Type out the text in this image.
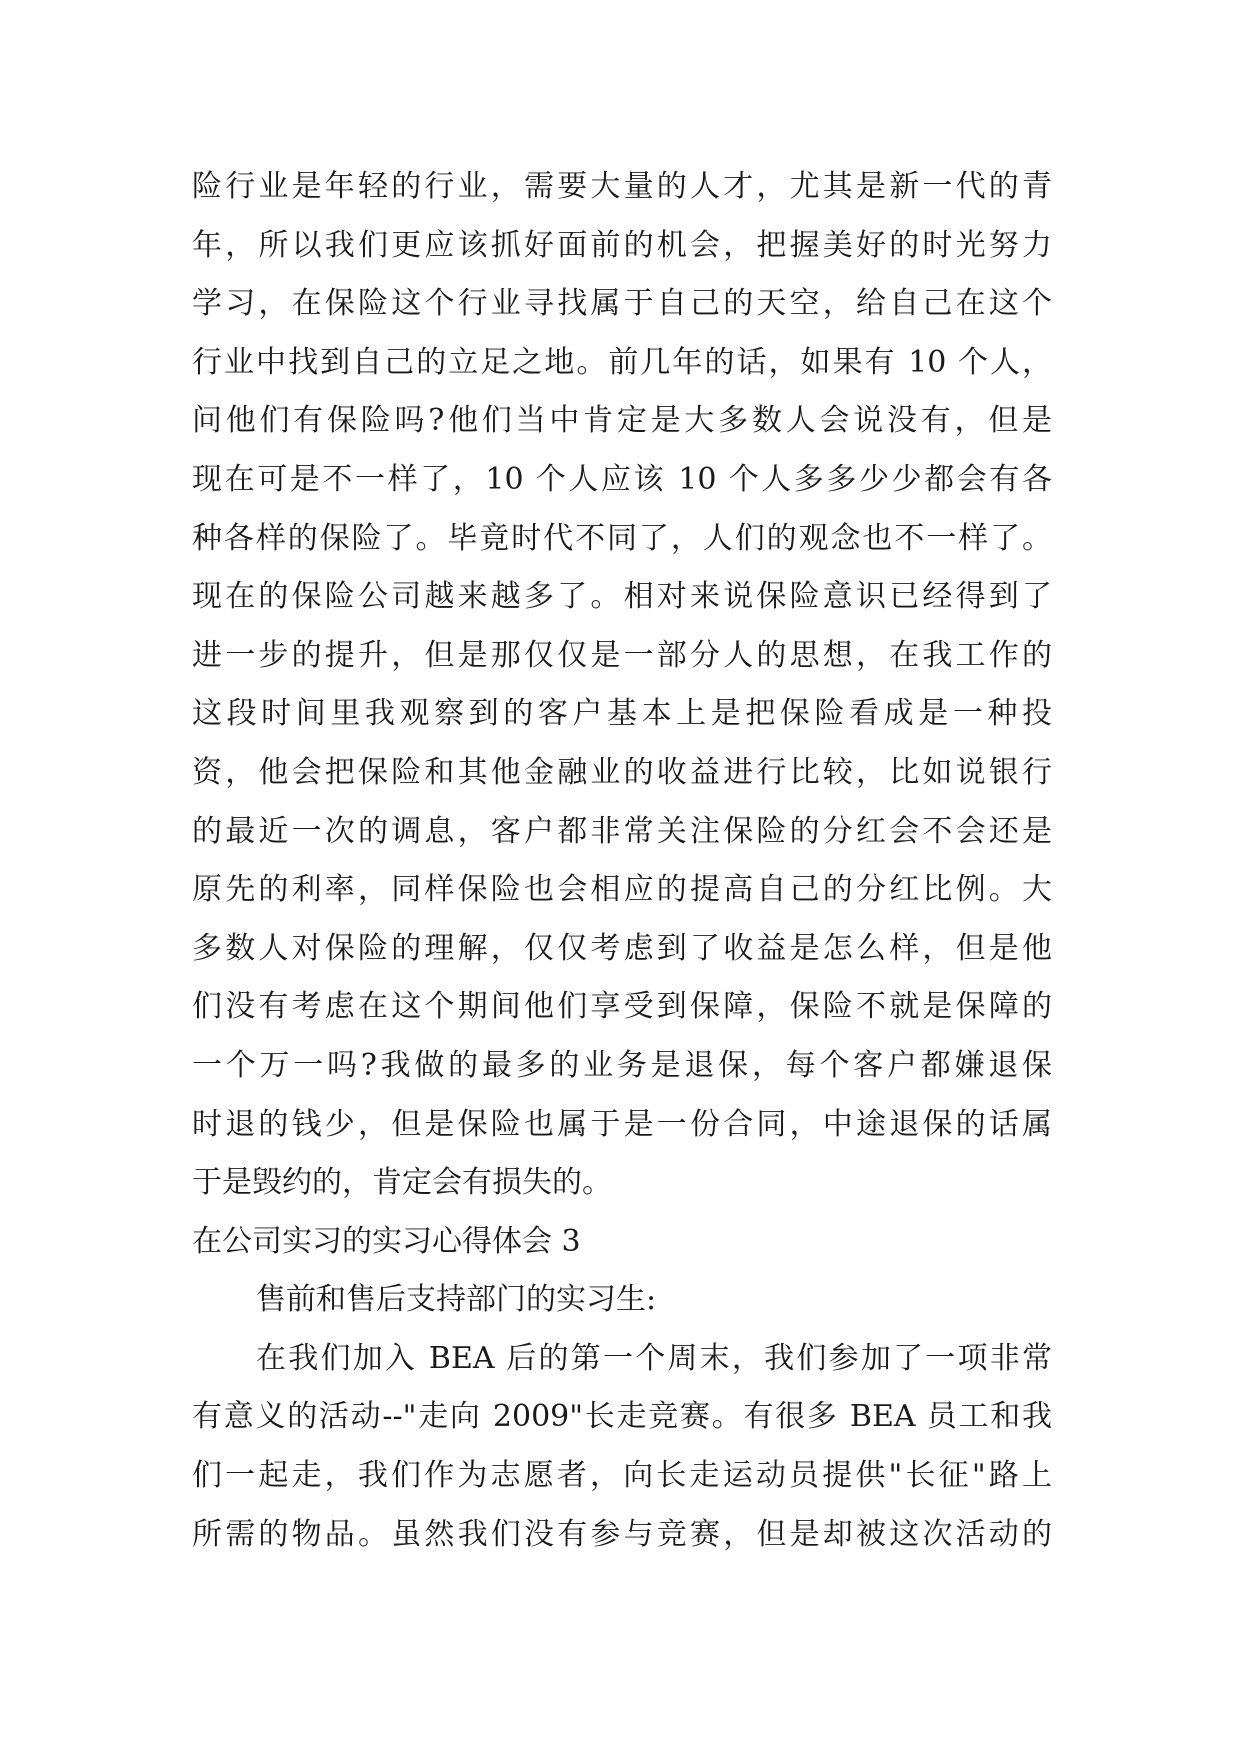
险行业是年轻的行业，需要大量的人才，尤其是新一代的青
年，所以我们更应该抓好面前的机会，把握美好的时光努力
学习，在保险这个行业寻找属于自己的天空，给自己在这个
行业中找到自己的立足之地。前几年的话，如果有 10 个人，
问他们有保险吗?他们当中肯定是大多数人会说没有，但是
现在可是不一样了，10 个人应该 10 个人多多少少都会有各
种各样的保险了。毕竟时代不同了，人们的观念也不一样了。
现在的保险公司越来越多了。相对来说保险意识已经得到了
进一步的提升，但是那仅仅是一部分人的思想，在我工作的
这段时间里我观察到的客户基本上是把保险看成是一种投
资，他会把保险和其他金融业的收益进行比较，比如说银行
的最近一次的调息，客户都非常关注保险的分红会不会还是
原先的利率，同样保险也会相应的提高自己的分红比例。大
多数人对保险的理解，仅仅考虑到了收益是怎么样，但是他
们没有考虑在这个期间他们享受到保障，保险不就是保障的
一个万一吗?我做的最多的业务是退保，每个客户都嫌退保
时退的钱少，但是保险也属于是一份合同，中途退保的话属
于是毁约的，肯定会有损失的。
在公司实习的实习心得体会 3
售前和售后支持部门的实习生:
在我们加入 BEA 后的第一个周末，我们参加了一项非常
有意义的活动--"走向 2009"长走竞赛。有很多 BEA 员工和我
们一起走，我们作为志愿者，向长走运动员提供"长征"路上
所需的物品。虽然我们没有参与竞赛，但是却被这次活动的
